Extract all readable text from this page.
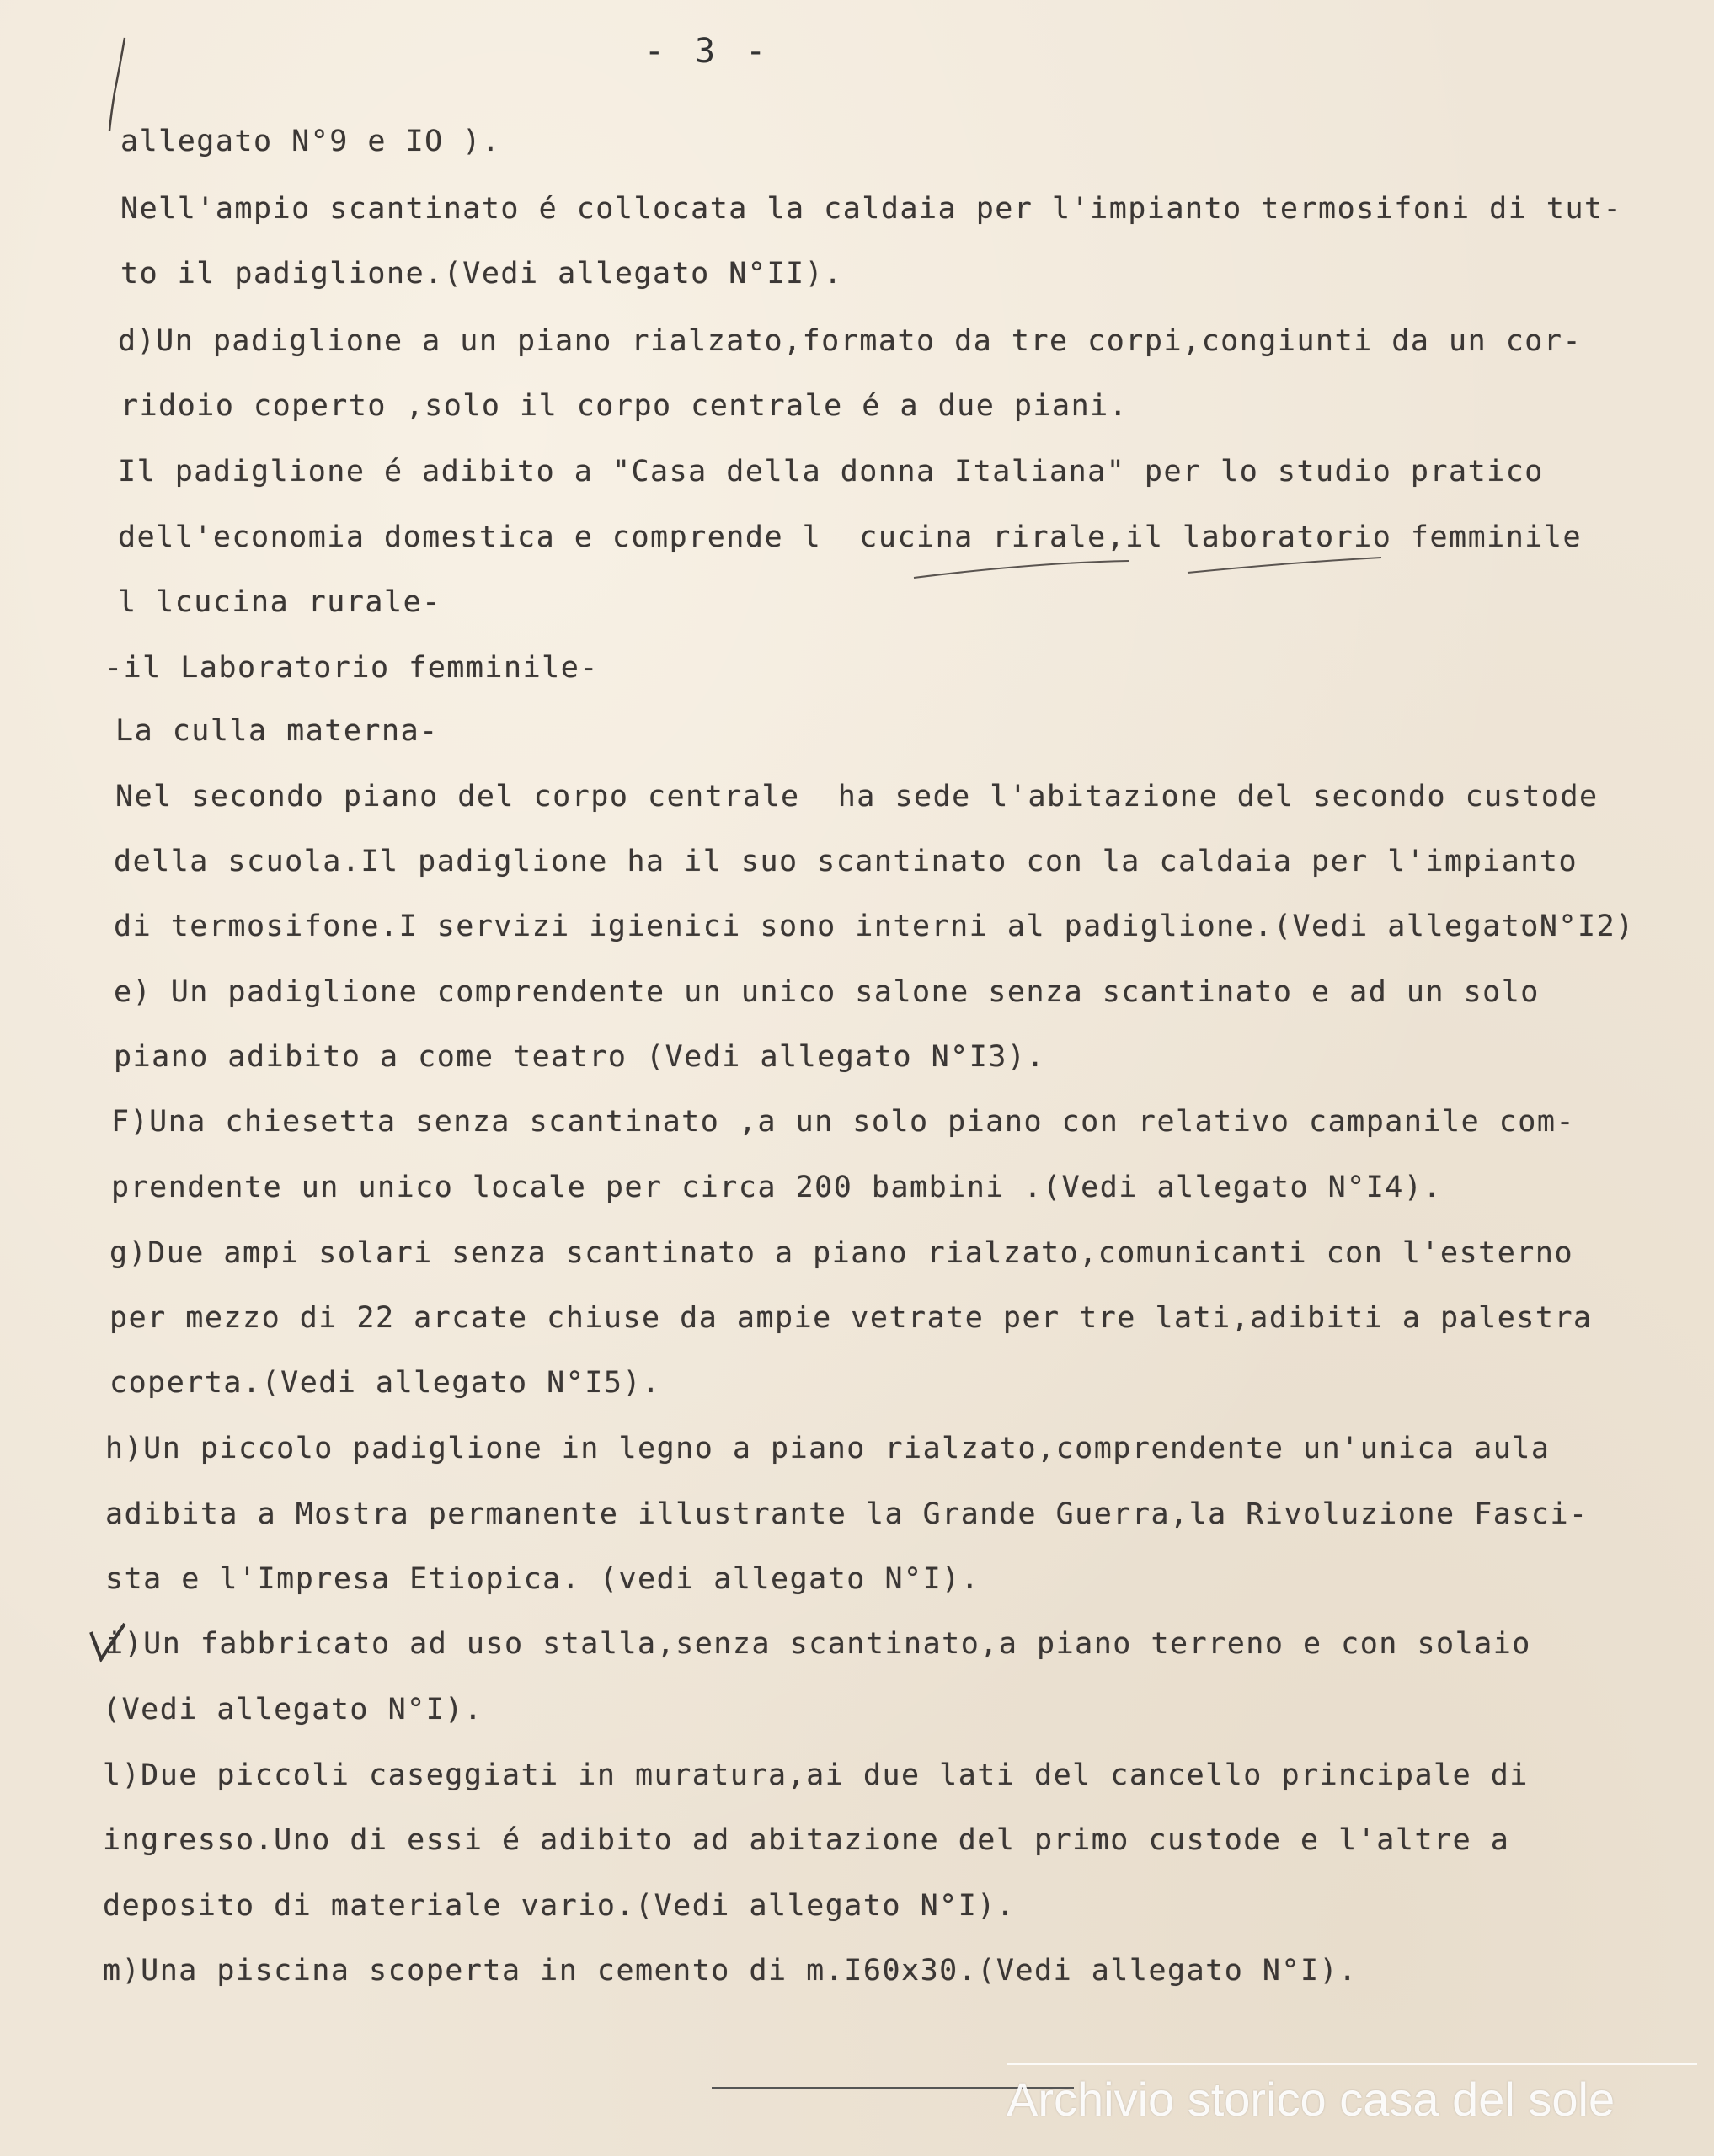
- 3 -
allegato N°9 e IO ).
Nell'ampio scantinato é collocata la caldaia per l'impianto termosifoni di tut-
to il padiglione.(Vedi allegato N°II).
d)Un padiglione a un piano rialzato,formato da tre corpi,congiunti da un cor-
ridoio coperto ,solo il corpo centrale é a due piani.
Il padiglione é adibito a "Casa della donna Italiana" per lo studio pratico
dell'economia domestica e comprende l  cucina rirale,il laboratorio femminile
l lcucina rurale-
-il Laboratorio femminile-
La culla materna-
Nel secondo piano del corpo centrale  ha sede l'abitazione del secondo custode
della scuola.Il padiglione ha il suo scantinato con la caldaia per l'impianto
di termosifone.I servizi igienici sono interni al padiglione.(Vedi allegatoN°I2)
e) Un padiglione comprendente un unico salone senza scantinato e ad un solo
piano adibito a come teatro (Vedi allegato N°I3).
F)Una chiesetta senza scantinato ,a un solo piano con relativo campanile com-
prendente un unico locale per circa 200 bambini .(Vedi allegato N°I4).
g)Due ampi solari senza scantinato a piano rialzato,comunicanti con l'esterno
per mezzo di 22 arcate chiuse da ampie vetrate per tre lati,adibiti a palestra
coperta.(Vedi allegato N°I5).
h)Un piccolo padiglione in legno a piano rialzato,comprendente un'unica aula
adibita a Mostra permanente illustrante la Grande Guerra,la Rivoluzione Fasci-
sta e l'Impresa Etiopica. (vedi allegato N°I).
i)Un fabbricato ad uso stalla,senza scantinato,a piano terreno e con solaio
(Vedi allegato N°I).
l)Due piccoli caseggiati in muratura,ai due lati del cancello principale di
ingresso.Uno di essi é adibito ad abitazione del primo custode e l'altre a
deposito di materiale vario.(Vedi allegato N°I).
m)Una piscina scoperta in cemento di m.I60x30.(Vedi allegato N°I).
Archivio storico casa del sole
